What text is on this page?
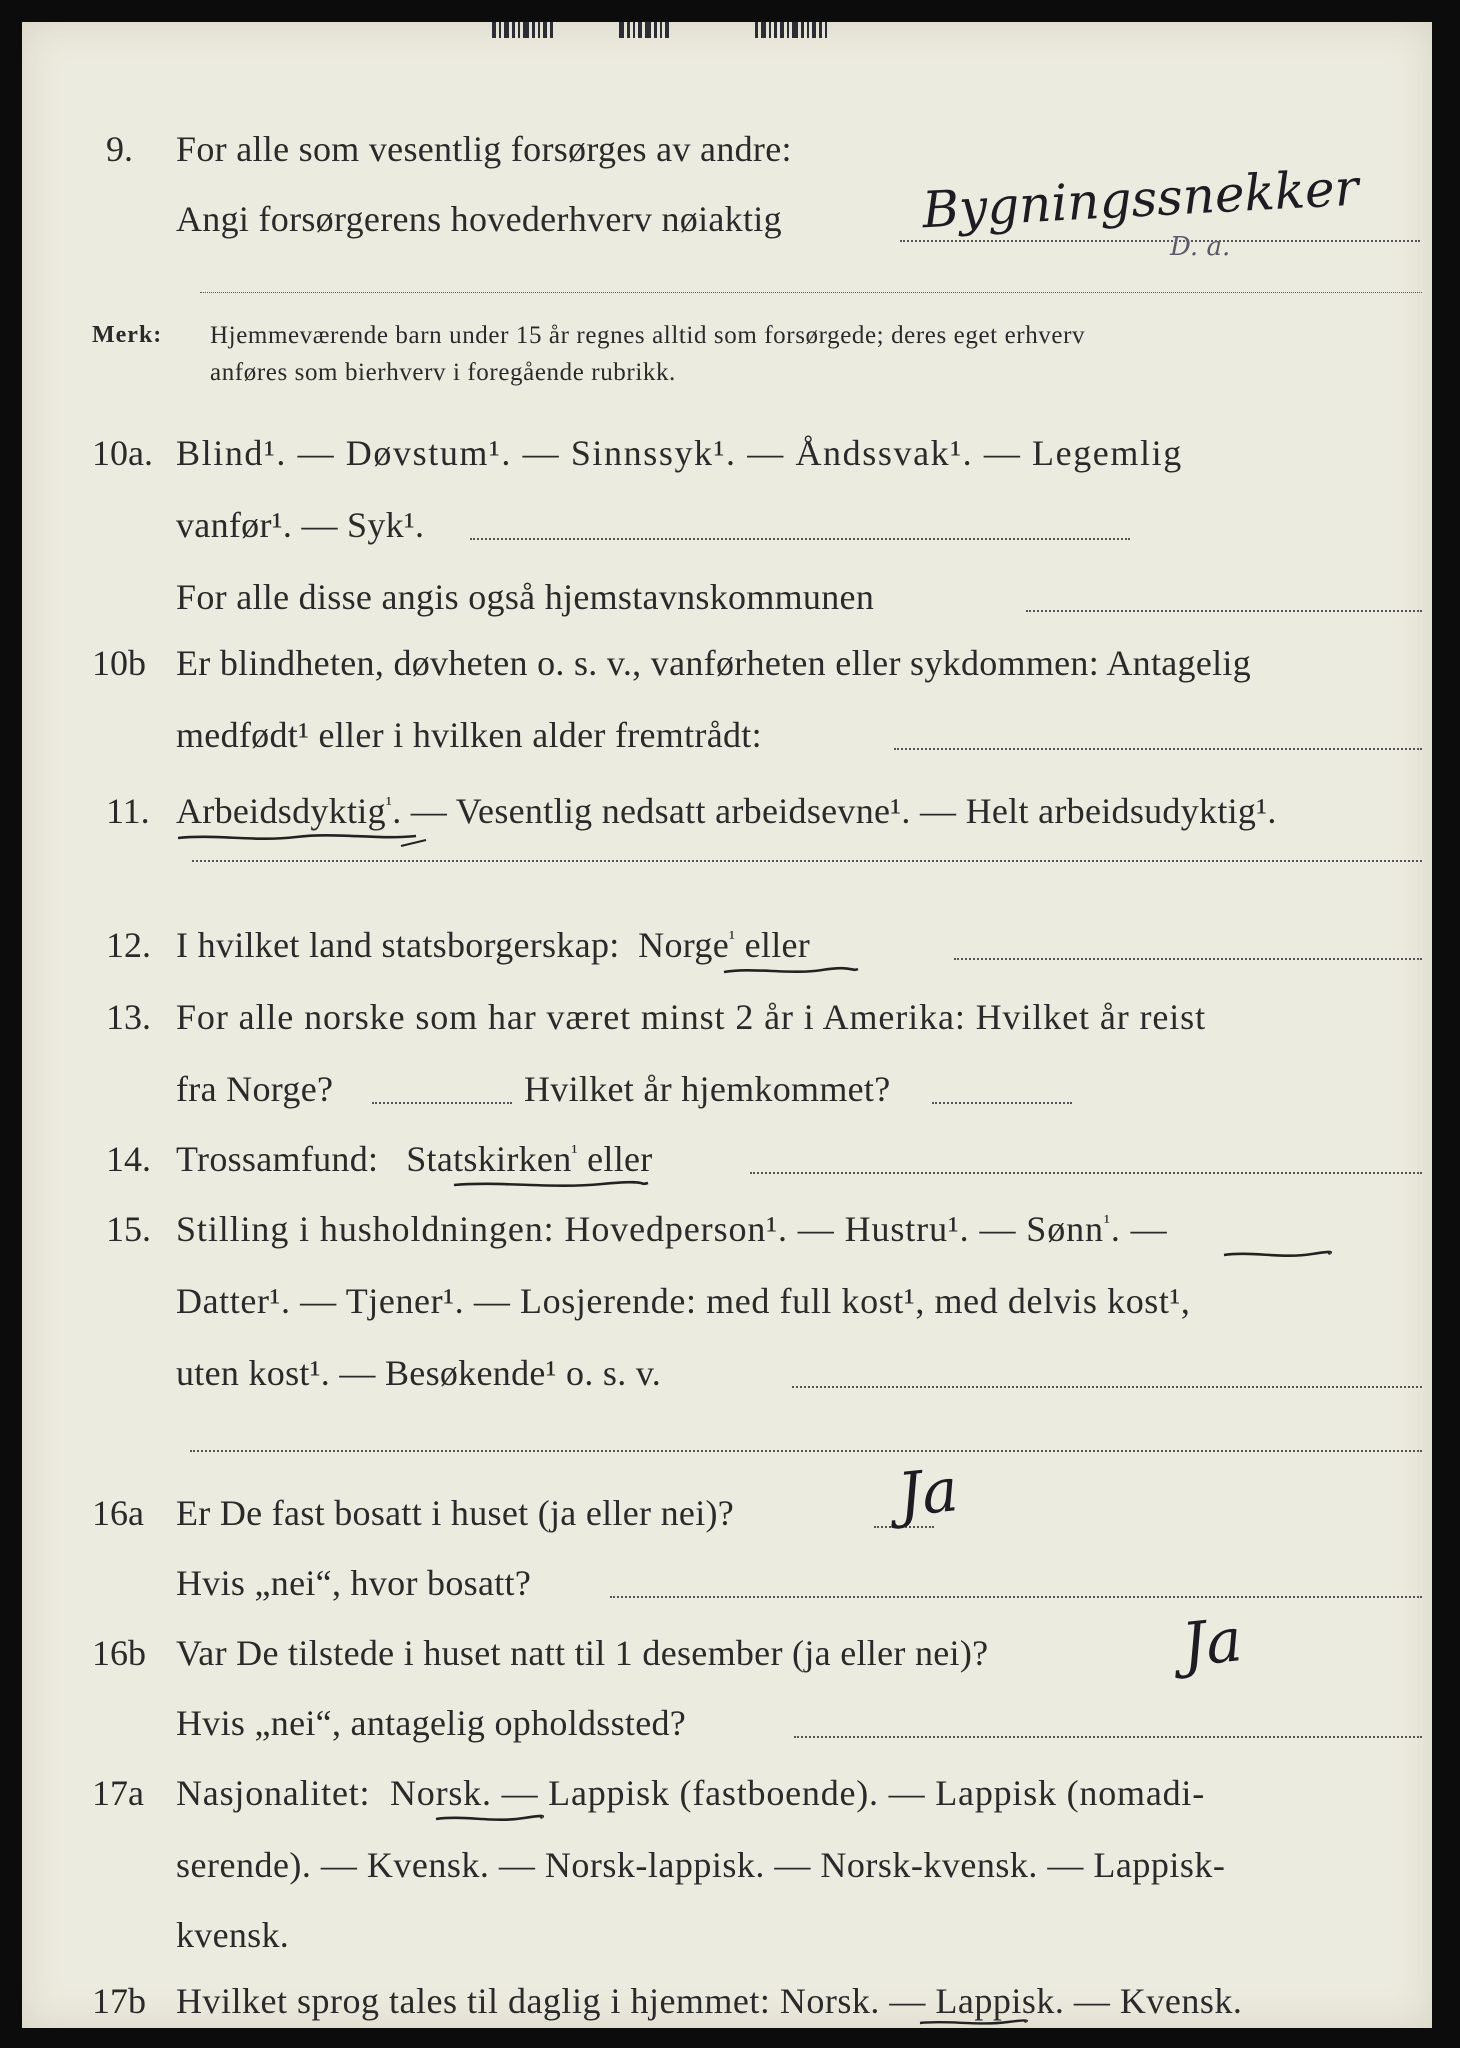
9. For alle som vesentlig forsørges av andre:
Angi forsørgerens hovederhverv nøiaktig	Bygningssnekker
D. a.
Merk: Hjemmeværende barn under 15 år regnes alltid som forsørgede; deres eget erhverv
anføres som bierhverv i foregående rubrikk.
10a. Blind¹. — Døvstum¹. — Sinnssyk¹. — Åndssvak¹. — Legemlig
vanfør¹. — Syk¹.
For alle disse angis også hjemstavnskommunen
10b Er blindheten, døvheten o. s. v., vanførheten eller sykdommen: Antagelig
medfødt¹ eller i hvilken alder fremtrådt:
11. Arbeidsdyktig$^{^1}$. — Vesentlig nedsatt arbeidsevne¹. — Helt arbeidsudyktig¹.
12. I hvilket land statsborgerskap: Norge$^{^1}$ eller
13. For alle norske som har været minst 2 år i Amerika: Hvilket år reist
fra Norge?	Hvilket år hjemkommet?
14. Trossamfund: Statskirken$^{^1}$ eller
15. Stilling i husholdningen: Hovedperson¹. — Hustru¹. — Sønn$^{^1}$. —
Datter¹. — Tjener¹. — Losjerende: med full kost¹, med delvis kost¹,
uten kost¹. — Besøkende¹ o. s. v.
16a Er De fast bosatt i huset (ja eller nei)?	Ja
Hvis „nei“, hvor bosatt?
16b Var De tilstede i huset natt til 1 desember (ja eller nei)?	Ja
Hvis „nei“, antagelig opholdssted?
17a Nasjonalitet: Norsk. — Lappisk (fastboende). — Lappisk (nomadi-
serende). — Kvensk. — Norsk-lappisk. — Norsk-kvensk. — Lappisk-
kvensk.
17b Hvilket sprog tales til daglig i hjemmet: Norsk. — Lappisk. — Kvensk.
